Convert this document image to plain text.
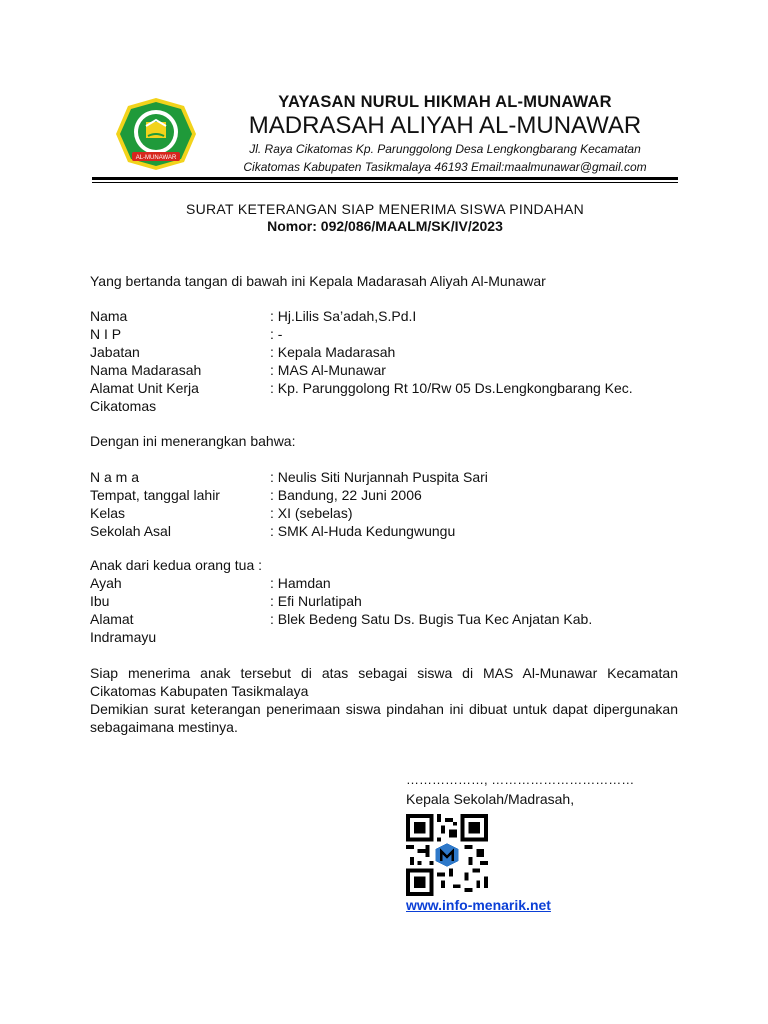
AL-MUNAWAR
YAYASAN NURUL HIKMAH AL-MUNAWAR
MADRASAH ALIYAH AL-MUNAWAR
Jl. Raya Cikatomas Kp. Parunggolong Desa Lengkongbarang Kecamatan
Cikatomas Kabupaten Tasikmalaya 46193 Email:maalmunawar@gmail.com
SURAT KETERANGAN SIAP MENERIMA SISWA PINDAHAN
Nomor: 092/086/MAALM/SK/IV/2023
Yang bertanda tangan di bawah ini Kepala Madarasah Aliyah Al-Munawar
Nama	: Hj.Lilis Sa’adah,S.Pd.I
N I P	: -
Jabatan	: Kepala Madarasah
Nama Madarasah	: MAS Al-Munawar
Alamat Unit Kerja	: Kp. Parunggolong Rt 10/Rw 05 Ds.Lengkongbarang Kec.
Cikatomas
Dengan ini menerangkan bahwa:
N a m a	: Neulis Siti Nurjannah Puspita Sari
Tempat, tanggal lahir	: Bandung, 22 Juni 2006
Kelas	: XI (sebelas)
Sekolah Asal	: SMK Al-Huda Kedungwungu
Anak dari kedua orang tua :
Ayah	: Hamdan
Ibu	: Efi Nurlatipah
Alamat	: Blek Bedeng Satu Ds. Bugis Tua Kec Anjatan Kab.
Indramayu
Siap menerima anak tersebut di atas sebagai siswa di MAS Al-Munawar Kecamatan Cikatomas Kabupaten Tasikmalaya
Demikian surat keterangan penerimaan siswa pindahan ini dibuat untuk dapat dipergunakan sebagaimana mestinya.
………………, ……………………………
Kepala Sekolah/Madrasah,
www.info-menarik.net
